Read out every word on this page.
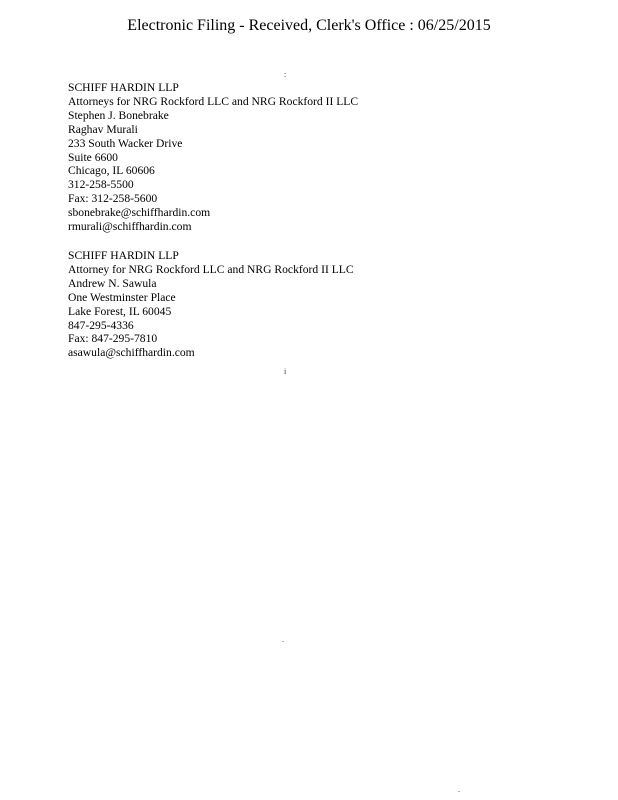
Electronic Filing - Received, Clerk's Office : 06/25/2015
:
SCHIFF HARDIN LLP
Attorneys for NRG Rockford LLC and NRG Rockford II LLC
Stephen J. Bonebrake
Raghav Murali
233 South Wacker Drive
Suite 6600
Chicago, IL 60606
312-258-5500
Fax: 312-258-5600
sbonebrake@schiffhardin.com
rmurali@schiffhardin.com
SCHIFF HARDIN LLP
Attorney for NRG Rockford LLC and NRG Rockford II LLC
Andrew N. Sawula
One Westminster Place
Lake Forest, IL 60045
847-295-4336
Fax: 847-295-7810
asawula@schiffhardin.com
i
.
.
